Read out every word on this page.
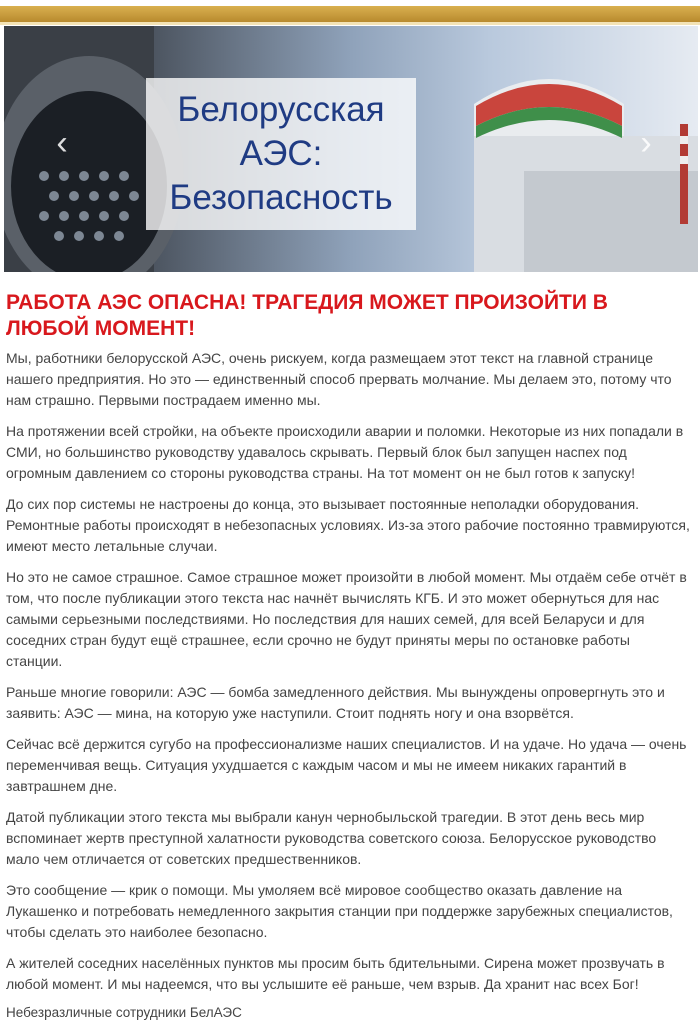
Белорусская
АЭС:
Безопасность
‹	›
РАБОТА АЭС ОПАСНА! ТРАГЕДИЯ МОЖЕТ ПРОИЗОЙТИ В ЛЮБОЙ МОМЕНТ!

Мы, работники белорусской АЭС, очень рискуем, когда размещаем этот текст на главной странице нашего предприятия. Но это — единственный способ прервать молчание. Мы делаем это, потому что нам страшно. Первыми пострадаем именно мы.

На протяжении всей стройки, на объекте происходили аварии и поломки. Некоторые из них попадали в СМИ, но большинство руководству удавалось скрывать. Первый блок был запущен наспех под огромным давлением со стороны руководства страны. На тот момент он не был готов к запуску!

До сих пор системы не настроены до конца, это вызывает постоянные неполадки оборудования. Ремонтные работы происходят в небезопасных условиях. Из-за этого рабочие постоянно травмируются, имеют место летальные случаи.

Но это не самое страшное. Самое страшное может произойти в любой момент. Мы отдаём себе отчёт в том, что после публикации этого текста нас начнёт вычислять КГБ. И это может обернуться для нас самыми серьезными последствиями. Но последствия для наших семей, для всей Беларуси и для соседних стран будут ещё страшнее, если срочно не будут приняты меры по остановке работы станции.

Раньше многие говорили: АЭС — бомба замедленного действия. Мы вынуждены опровергнуть это и заявить: АЭС — мина, на которую уже наступили. Стоит поднять ногу и она взорвётся.

Сейчас всё держится сугубо на профессионализме наших специалистов. И на удаче. Но удача — очень переменчивая вещь. Ситуация ухудшается с каждым часом и мы не имеем никаких гарантий в завтрашнем дне.

Датой публикации этого текста мы выбрали канун чернобыльской трагедии. В этот день весь мир вспоминает жертв преступной халатности руководства советского союза. Белорусское руководство мало чем отличается от советских предшественников.

Это сообщение — крик о помощи. Мы умоляем всё мировое сообщество оказать давление на Лукашенко и потребовать немедленного закрытия станции при поддержке зарубежных специалистов, чтобы сделать это наиболее безопасно.

А жителей соседних населённых пунктов мы просим быть бдительными. Сирена может прозвучать в любой момент. И мы надеемся, что вы услышите её раньше, чем взрыв. Да хранит нас всех Бог!

Небезразличные сотрудники БелАЭС
